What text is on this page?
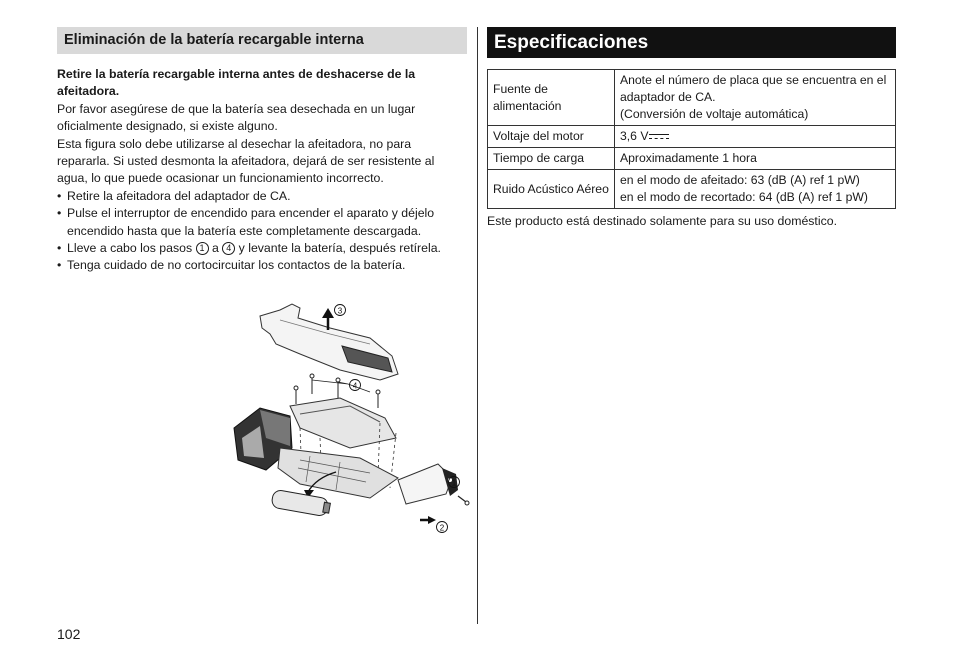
Eliminación de la batería recargable interna

Retire la batería recargable interna antes de deshacerse de la afeitadora.

Por favor asegúrese de que la batería sea desechada en un lugar oficialmente designado, si existe alguno.

Esta figura solo debe utilizarse al desechar la afeitadora, no para repararla. Si usted desmonta la afeitadora, dejará de ser resistente al agua, lo que puede ocasionar un funcionamiento incorrecto.

• Retire la afeitadora del adaptador de CA.
• Pulse el interruptor de encendido para encender el aparato y déjelo encendido hasta que la batería este completamente descargada.
• Lleve a cabo los pasos 1 a 4 y levante la batería, después retírela.
• Tenga cuidado de no cortocircuitar los contactos de la batería.
3
4
1
2
Especificaciones
Fuente de alimentación	Anote el número de placa que se encuentra en el adaptador de CA.
(Conversión de voltaje automática)

Voltaje del motor	3,6 V
Tiempo de carga	Aproximadamente 1 hora
Ruido Acústico Aéreo	en el modo de afeitado: 63 (dB (A) ref 1 pW)
en el modo de recortado: 64 (dB (A) ref 1 pW)
Este producto está destinado solamente para su uso doméstico.
102
